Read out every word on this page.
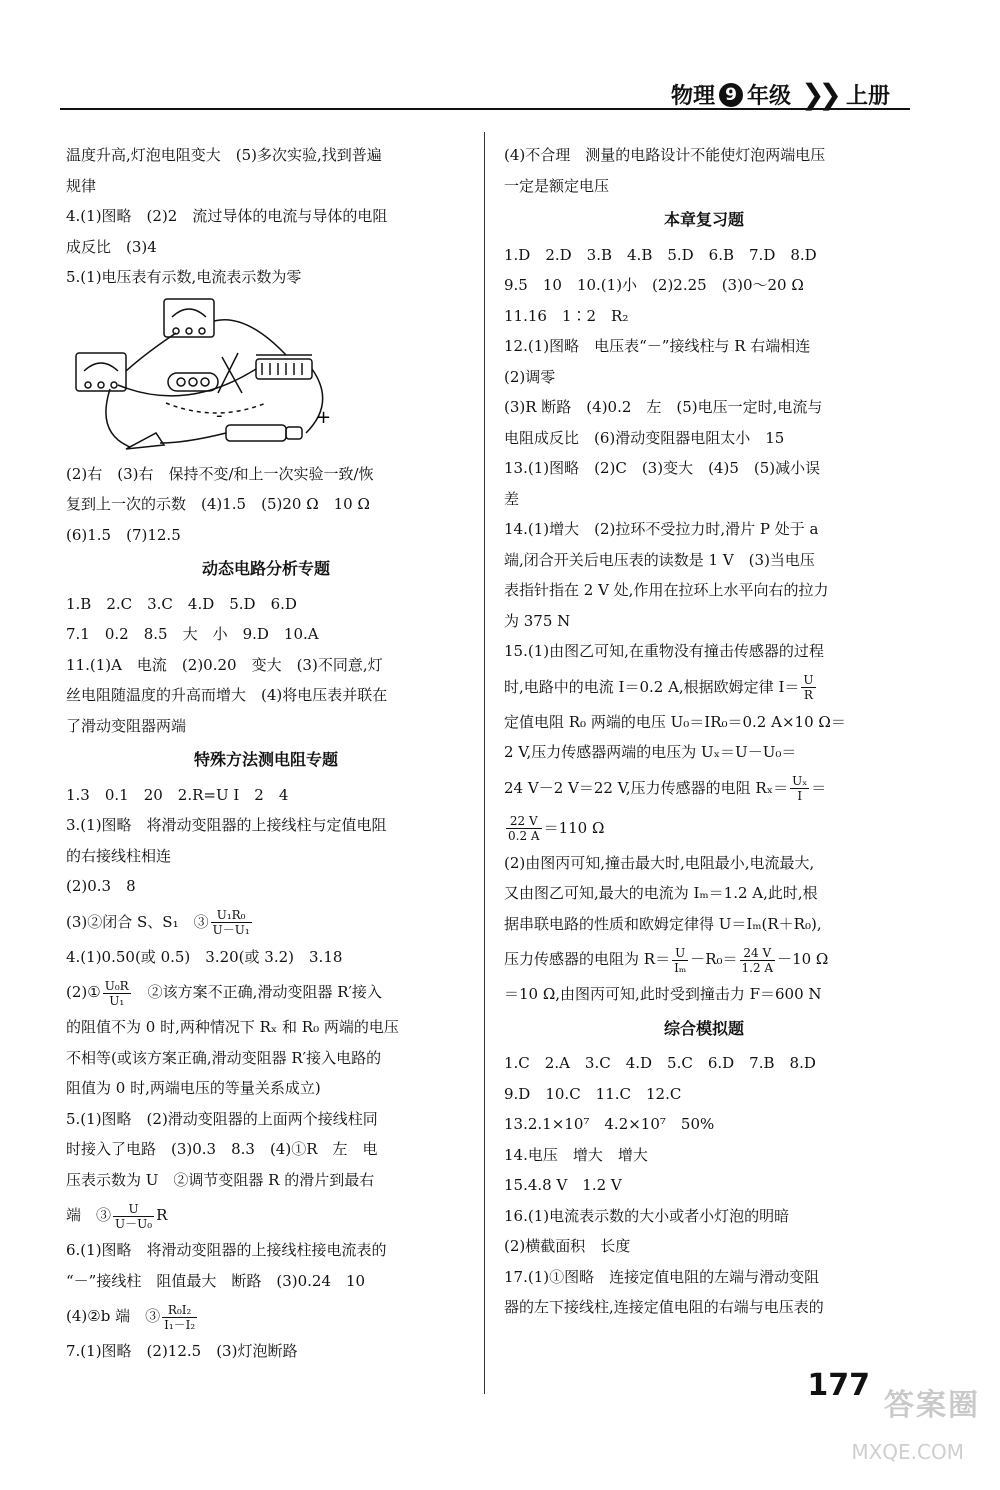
物理 9 年级 ❯❯ 上册
温度升高,灯泡电阻变大　(5)多次实验,找到普遍
规律
4.(1)图略　(2)2　流过导体的电流与导体的电阻
成反比　(3)4
5.(1)电压表有示数,电流表示数为零
+
-
(2)右　(3)右　保持不变/和上一次实验一致/恢
复到上一次的示数　(4)1.5　(5)20 Ω　10 Ω
(6)1.5　(7)12.5
动态电路分析专题
1.B　2.C　3.C　4.D　5.D　6.D
7.1　0.2　8.5　大　小　9.D　10.A
11.(1)A　电流　(2)0.20　变大　(3)不同意,灯
丝电阻随温度的升高而增大　(4)将电压表并联在
了滑动变阻器两端
特殊方法测电阻专题
1.3　0.1　20　2.R=U I　2　4
3.(1)图略　将滑动变阻器的上接线柱与定值电阻
的右接线柱相连
(2)0.3　8
(3)②闭合 S、S₁　③ $\frac{\text{U₁R₀}}{\text{U－U₁}}$
4.(1)0.50(或 0.5)　3.20(或 3.2)　3.18
(2)① $\frac{\text{U₀R}}{\text{U₁}}$ 　②该方案不正确,滑动变阻器 R′接入
的阻值不为 0 时,两种情况下 Rₓ 和 R₀ 两端的电压
不相等(或该方案正确,滑动变阻器 R′接入电路的
阻值为 0 时,两端电压的等量关系成立)
5.(1)图略　(2)滑动变阻器的上面两个接线柱同
时接入了电路　(3)0.3　8.3　(4)①R　左　电
压表示数为 U　②调节变阻器 R 的滑片到最右
端　③ $\frac{U}{\text{U－U₀}}$ R
6.(1)图略　将滑动变阻器的上接线柱接电流表的
“－”接线柱　阻值最大　断路　(3)0.24　10
(4)②b 端　③ $\frac{\text{R₀I₂}}{\text{I₁－I₂}}$
7.(1)图略　(2)12.5　(3)灯泡断路
(4)不合理　测量的电路设计不能使灯泡两端电压
一定是额定电压
本章复习题
1.D　2.D　3.B　4.B　5.D　6.B　7.D　8.D
9.5　10　10.(1)小　(2)2.25　(3)0～20 Ω
11.16　1∶2　R₂
12.(1)图略　电压表“－”接线柱与 R 右端相连
(2)调零
(3)R 断路　(4)0.2　左　(5)电压一定时,电流与
电阻成反比　(6)滑动变阻器电阻太小　15
13.(1)图略　(2)C　(3)变大　(4)5　(5)减小误
差
14.(1)增大　(2)拉环不受拉力时,滑片 P 处于 a
端,闭合开关后电压表的读数是 1 V　(3)当电压
表指针指在 2 V 处,作用在拉环上水平向右的拉力
为 375 N
15.(1)由图乙可知,在重物没有撞击传感器的过程
时,电路中的电流 I＝0.2 A,根据欧姆定律 $I= \frac{U}{R}$
定值电阻 R₀ 两端的电压 U₀＝IR₀＝0.2 A×10 Ω＝
2 V,压力传感器两端的电压为 Uₓ＝U－U₀＝
24 V－2 V＝22 V,压力传感器的电阻 $R_x= \frac{\text{Uₓ}}{I}$ ＝
$\frac{22 V}{0.2 A} =110$ Ω
(2)由图丙可知,撞击最大时,电阻最小,电流最大,
又由图乙可知,最大的电流为 Iₘ＝1.2 A,此时,根
据串联电路的性质和欧姆定律得 U＝Iₘ(R＋R₀),
压力传感器的电阻为 $R= \frac{U}{\text{Iₘ}} -R_0= \frac{24 V}{1.2 A} -10$ Ω
＝10 Ω,由图丙可知,此时受到撞击力 F＝600 N
综合模拟题
1.C　2.A　3.C　4.D　5.C　6.D　7.B　8.D
9.D　10.C　11.C　12.C
13.2.1×10⁷　4.2×10⁷　50%
14.电压　增大　增大
15.4.8 V　1.2 V
16.(1)电流表示数的大小或者小灯泡的明暗
(2)横截面积　长度
17.(1)①图略　连接定值电阻的左端与滑动变阻
器的左下接线柱,连接定值电阻的右端与电压表的
177
答案圈
MXQE.COM
